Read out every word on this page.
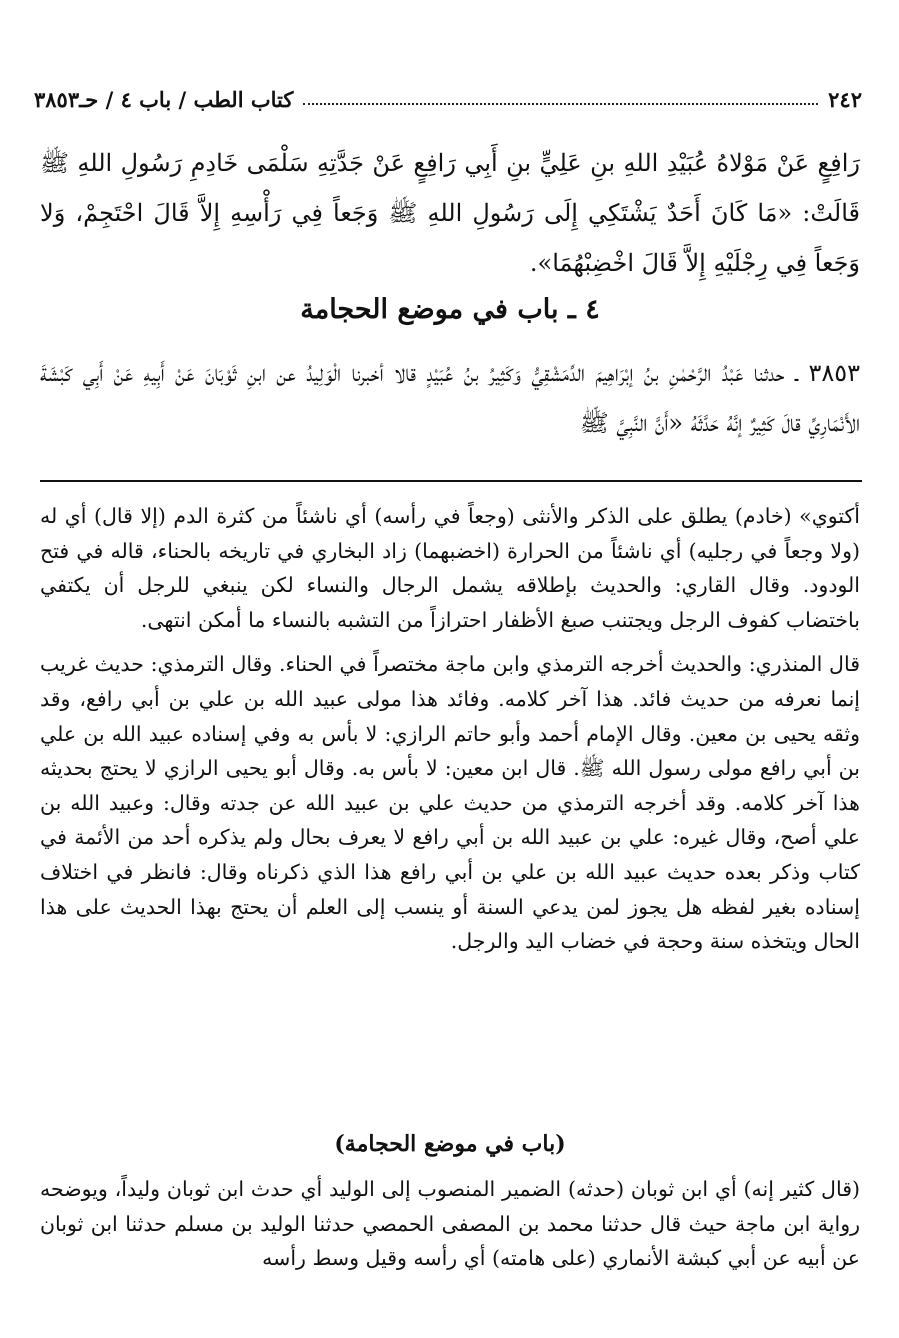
٢٤٢
كتاب الطب / باب ٤ / حـ٣٨٥٣

رَافِعٍ عَنْ مَوْلاهُ عُبَيْدِ اللهِ بنِ عَلِيٍّ بنِ أَبِي رَافِعٍ عَنْ جَدَّتِهِ سَلْمَى خَادِمِ رَسُولِ اللهِ ﷺ قَالَتْ: «مَا كَانَ أَحَدٌ يَشْتَكِي إِلَى رَسُولِ اللهِ ﷺ وَجَعاً فِي رَأْسِهِ إِلاَّ قَالَ احْتَجِمْ، وَلا وَجَعاً فِي رِجْلَيْهِ إِلاَّ قَالَ اخْضِبْهُمَا».

٤ ـ باب في موضع الحجامة

٣٨٥٣ ـ حدثنا عَبْدُ الرَّحْمٰنِ بنُ إبْرَاهِيمَ الدِّمَشْقِيُّ وَكَثِيرُ بنُ عُبَيْدٍ قالا أخبرنا الْوَلِيدُ عن ابنِ ثَوْبَانَ عَنْ أَبِيهِ عَنْ أَبِي كَبْشَةَ الأَنْمَارِيِّ قالَ كَثِيرٌ إنَّهُ حَدَّثَهُ «أَنَّ النَّبِيَّ ﷺ

أكتوي» (خادم) يطلق على الذكر والأنثى (وجعاً في رأسه) أي ناشئاً من كثرة الدم (إلا قال) أي له (ولا وجعاً في رجليه) أي ناشئاً من الحرارة (اخضبهما) زاد البخاري في تاريخه بالحناء، قاله في فتح الودود. وقال القاري: والحديث بإطلاقه يشمل الرجال والنساء لكن ينبغي للرجل أن يكتفي باختضاب كفوف الرجل ويجتنب صبغ الأظفار احترازاً من التشبه بالنساء ما أمكن انتهى.

قال المنذري: والحديث أخرجه الترمذي وابن ماجة مختصراً في الحناء. وقال الترمذي: حديث غريب إنما نعرفه من حديث فائد. هذا آخر كلامه. وفائد هذا مولى عبيد الله بن علي بن أبي رافع، وقد وثقه يحيى بن معين. وقال الإمام أحمد وأبو حاتم الرازي: لا بأس به وفي إسناده عبيد الله بن علي بن أبي رافع مولى رسول الله ﷺ. قال ابن معين: لا بأس به. وقال أبو يحيى الرازي لا يحتج بحديثه هذا آخر كلامه. وقد أخرجه الترمذي من حديث علي بن عبيد الله عن جدته وقال: وعبيد الله بن علي أصح، وقال غيره: علي بن عبيد الله بن أبي رافع لا يعرف بحال ولم يذكره أحد من الأئمة في كتاب وذكر بعده حديث عبيد الله بن علي بن أبي رافع هذا الذي ذكرناه وقال: فانظر في اختلاف إسناده بغير لفظه هل يجوز لمن يدعي السنة أو ينسب إلى العلم أن يحتج بهذا الحديث على هذا الحال ويتخذه سنة وحجة في خضاب اليد والرجل.

(باب في موضع الحجامة)

(قال كثير إنه) أي ابن ثوبان (حدثه) الضمير المنصوب إلى الوليد أي حدث ابن ثوبان وليداً، ويوضحه رواية ابن ماجة حيث قال حدثنا محمد بن المصفى الحمصي حدثنا الوليد بن مسلم حدثنا ابن ثوبان عن أبيه عن أبي كبشة الأنماري (على هامته) أي رأسه وقيل وسط رأسه
